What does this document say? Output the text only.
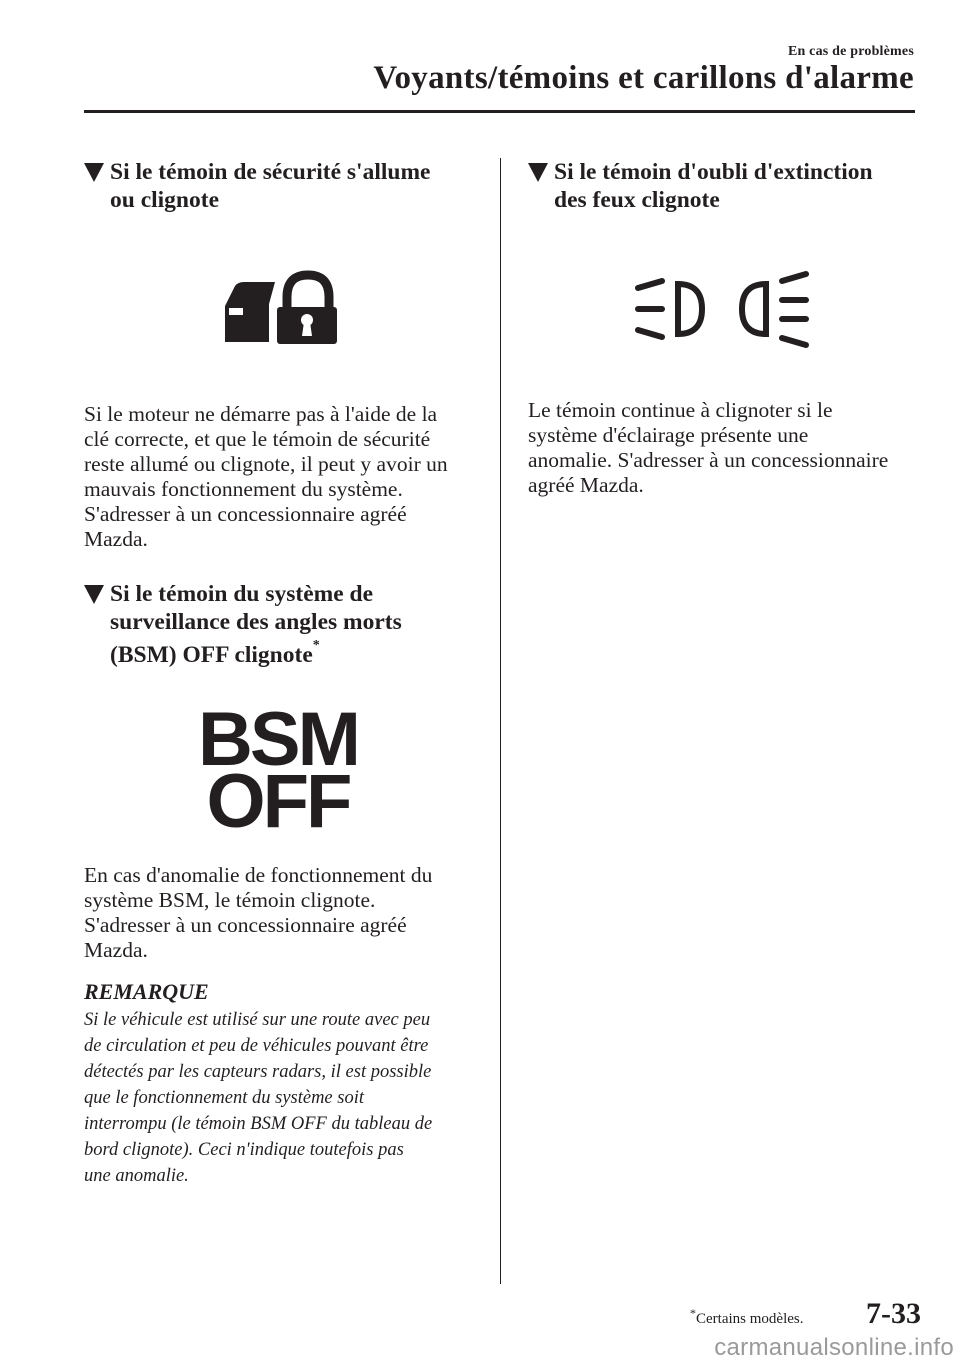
En cas de problèmes
Voyants/témoins et carillons d'alarme
Si le témoin de sécurité s'allume
ou clignote

Si le moteur ne démarre pas à l'aide de la

clé correcte, et que le témoin de sécurité

reste allumé ou clignote, il peut y avoir un

mauvais fonctionnement du système.

S'adresser à un concessionnaire agréé

Mazda.

Si le témoin du système de
surveillance des angles morts
(BSM) OFF clignote*
BSM
OFF

En cas d'anomalie de fonctionnement du

système BSM, le témoin clignote.

S'adresser à un concessionnaire agréé

Mazda.

REMARQUE

Si le véhicule est utilisé sur une route avec peu

de circulation et peu de véhicules pouvant être

détectés par les capteurs radars, il est possible

que le fonctionnement du système soit

interrompu (le témoin BSM OFF du tableau de

bord clignote). Ceci n'indique toutefois pas

une anomalie.

Si le témoin d'oubli d'extinction
des feux clignote

Le témoin continue à clignoter si le

système d'éclairage présente une

anomalie. S'adresser à un concessionnaire

agréé Mazda.

*Certains modèles. 7-33
carmanualsonline.info
